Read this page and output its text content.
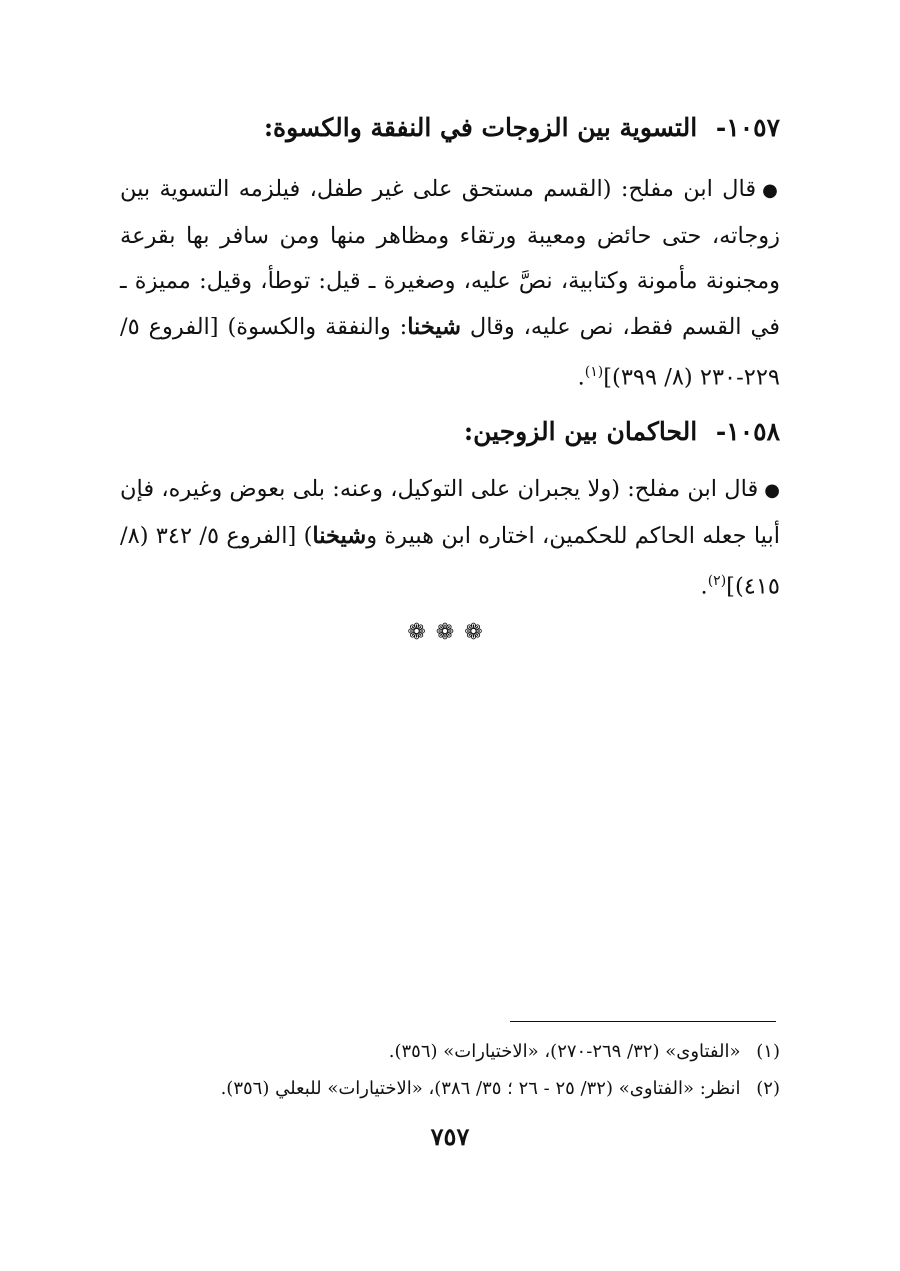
١٠٥٧- التسوية بين الزوجات في النفقة والكسوة:
●قال ابن مفلح: (القسم مستحق على غير طفل، فيلزمه التسوية بين زوجاته، حتى حائض ومعيبة ورتقاء ومظاهر منها ومن سافر بها بقرعة ومجنونة مأمونة وكتابية، نصَّ عليه، وصغيرة ـ قيل: توطأ، وقيل: مميزة ـ في القسم فقط، نص عليه، وقال شيخنا: والنفقة والكسوة) [الفروع ٥/ ٢٢٩-٢٣٠ (٨/ ٣٩٩)]$^{(١)}$.
١٠٥٨- الحاكمان بين الزوجين:
●قال ابن مفلح: (ولا يجبران على التوكيل، وعنه: بلى بعوض وغيره، فإن أبيا جعله الحاكم للحكمين، اختاره ابن هبيرة وشيخنا) [الفروع ٥/ ٣٤٢ (٨/ ٤١٥)]$^{(٢)}$.
❁❁❁
(١) «الفتاوى» (٣٢/ ٢٦٩-٢٧٠)، «الاختيارات» (٣٥٦).
(٢) انظر: «الفتاوى» (٣٢/ ٢٥ - ٢٦ ؛ ٣٥/ ٣٨٦)، «الاختيارات» للبعلي (٣٥٦).
٧٥٧
